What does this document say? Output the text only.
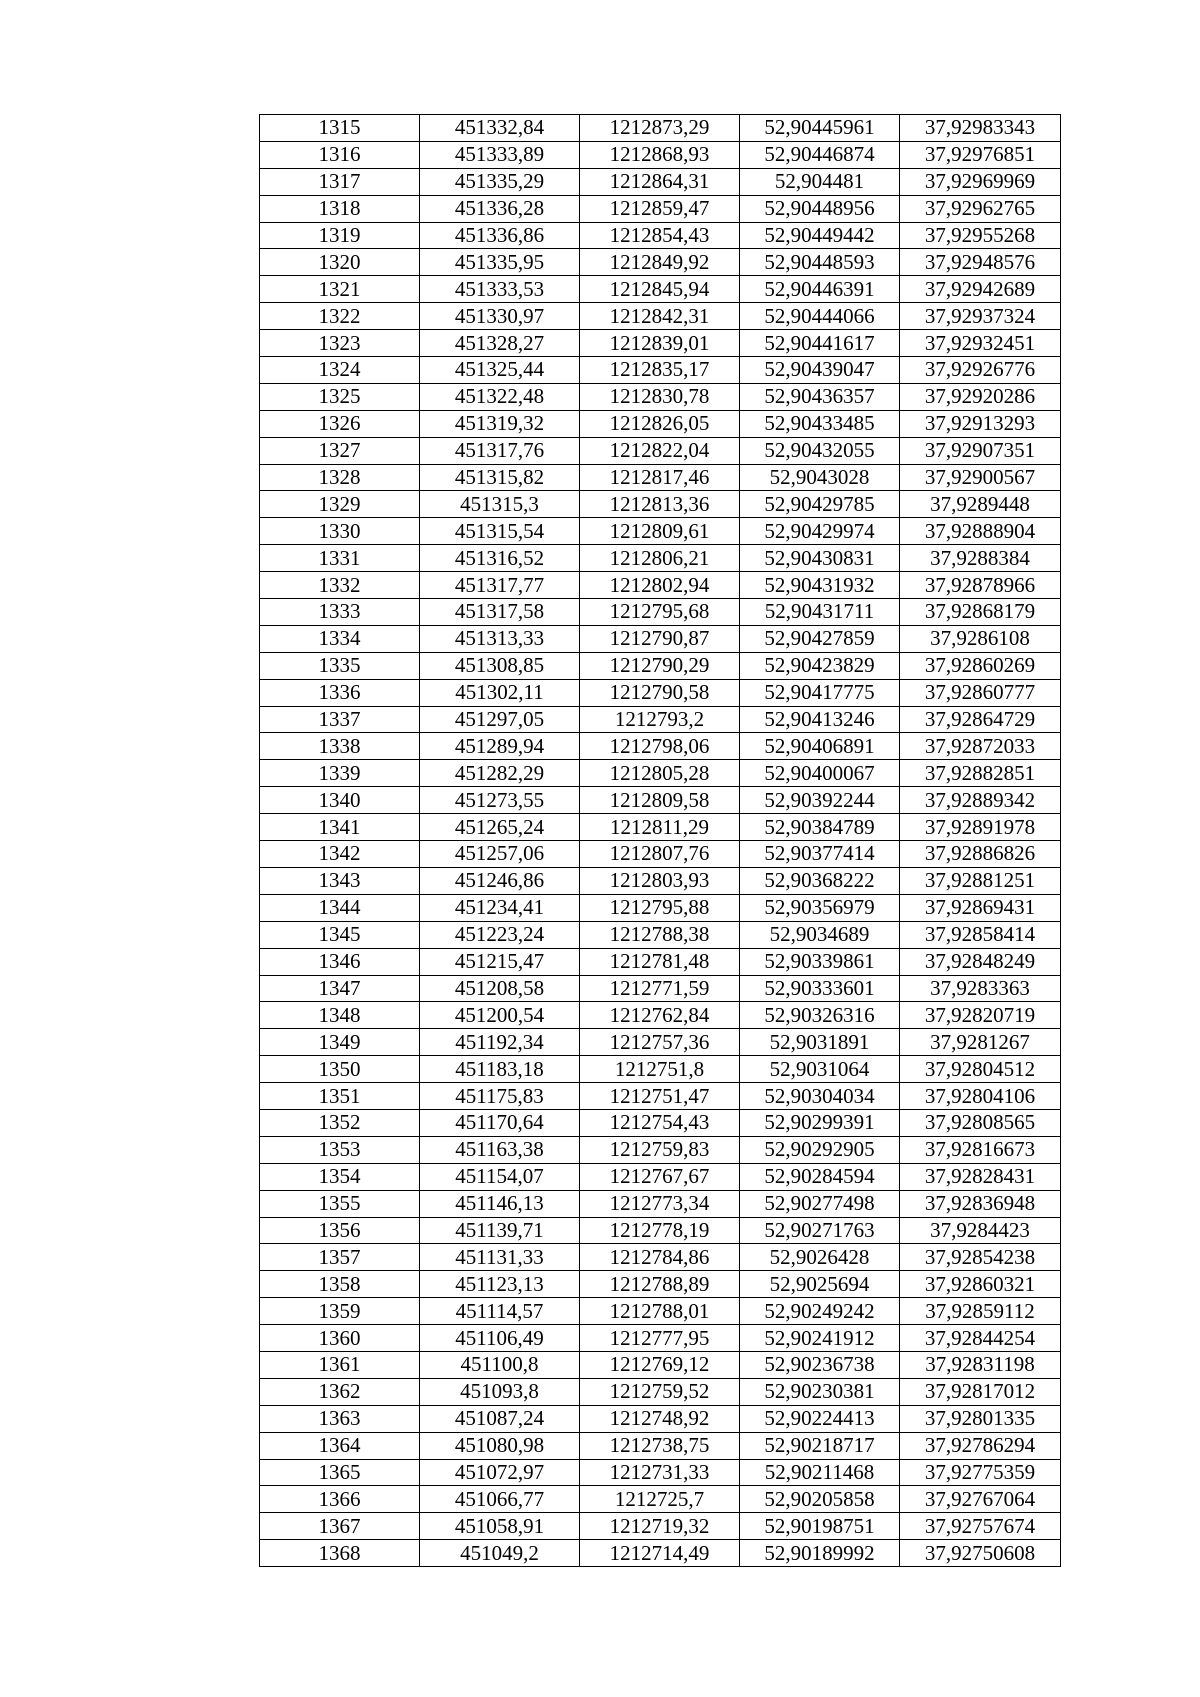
1315	451332,84	1212873,29	52,90445961	37,92983343
1316	451333,89	1212868,93	52,90446874	37,92976851
1317	451335,29	1212864,31	52,904481	37,92969969
1318	451336,28	1212859,47	52,90448956	37,92962765
1319	451336,86	1212854,43	52,90449442	37,92955268
1320	451335,95	1212849,92	52,90448593	37,92948576
1321	451333,53	1212845,94	52,90446391	37,92942689
1322	451330,97	1212842,31	52,90444066	37,92937324
1323	451328,27	1212839,01	52,90441617	37,92932451
1324	451325,44	1212835,17	52,90439047	37,92926776
1325	451322,48	1212830,78	52,90436357	37,92920286
1326	451319,32	1212826,05	52,90433485	37,92913293
1327	451317,76	1212822,04	52,90432055	37,92907351
1328	451315,82	1212817,46	52,9043028	37,92900567
1329	451315,3	1212813,36	52,90429785	37,9289448
1330	451315,54	1212809,61	52,90429974	37,92888904
1331	451316,52	1212806,21	52,90430831	37,9288384
1332	451317,77	1212802,94	52,90431932	37,92878966
1333	451317,58	1212795,68	52,90431711	37,92868179
1334	451313,33	1212790,87	52,90427859	37,9286108
1335	451308,85	1212790,29	52,90423829	37,92860269
1336	451302,11	1212790,58	52,90417775	37,92860777
1337	451297,05	1212793,2	52,90413246	37,92864729
1338	451289,94	1212798,06	52,90406891	37,92872033
1339	451282,29	1212805,28	52,90400067	37,92882851
1340	451273,55	1212809,58	52,90392244	37,92889342
1341	451265,24	1212811,29	52,90384789	37,92891978
1342	451257,06	1212807,76	52,90377414	37,92886826
1343	451246,86	1212803,93	52,90368222	37,92881251
1344	451234,41	1212795,88	52,90356979	37,92869431
1345	451223,24	1212788,38	52,9034689	37,92858414
1346	451215,47	1212781,48	52,90339861	37,92848249
1347	451208,58	1212771,59	52,90333601	37,9283363
1348	451200,54	1212762,84	52,90326316	37,92820719
1349	451192,34	1212757,36	52,9031891	37,9281267
1350	451183,18	1212751,8	52,9031064	37,92804512
1351	451175,83	1212751,47	52,90304034	37,92804106
1352	451170,64	1212754,43	52,90299391	37,92808565
1353	451163,38	1212759,83	52,90292905	37,92816673
1354	451154,07	1212767,67	52,90284594	37,92828431
1355	451146,13	1212773,34	52,90277498	37,92836948
1356	451139,71	1212778,19	52,90271763	37,9284423
1357	451131,33	1212784,86	52,9026428	37,92854238
1358	451123,13	1212788,89	52,9025694	37,92860321
1359	451114,57	1212788,01	52,90249242	37,92859112
1360	451106,49	1212777,95	52,90241912	37,92844254
1361	451100,8	1212769,12	52,90236738	37,92831198
1362	451093,8	1212759,52	52,90230381	37,92817012
1363	451087,24	1212748,92	52,90224413	37,92801335
1364	451080,98	1212738,75	52,90218717	37,92786294
1365	451072,97	1212731,33	52,90211468	37,92775359
1366	451066,77	1212725,7	52,90205858	37,92767064
1367	451058,91	1212719,32	52,90198751	37,92757674
1368	451049,2	1212714,49	52,90189992	37,92750608
